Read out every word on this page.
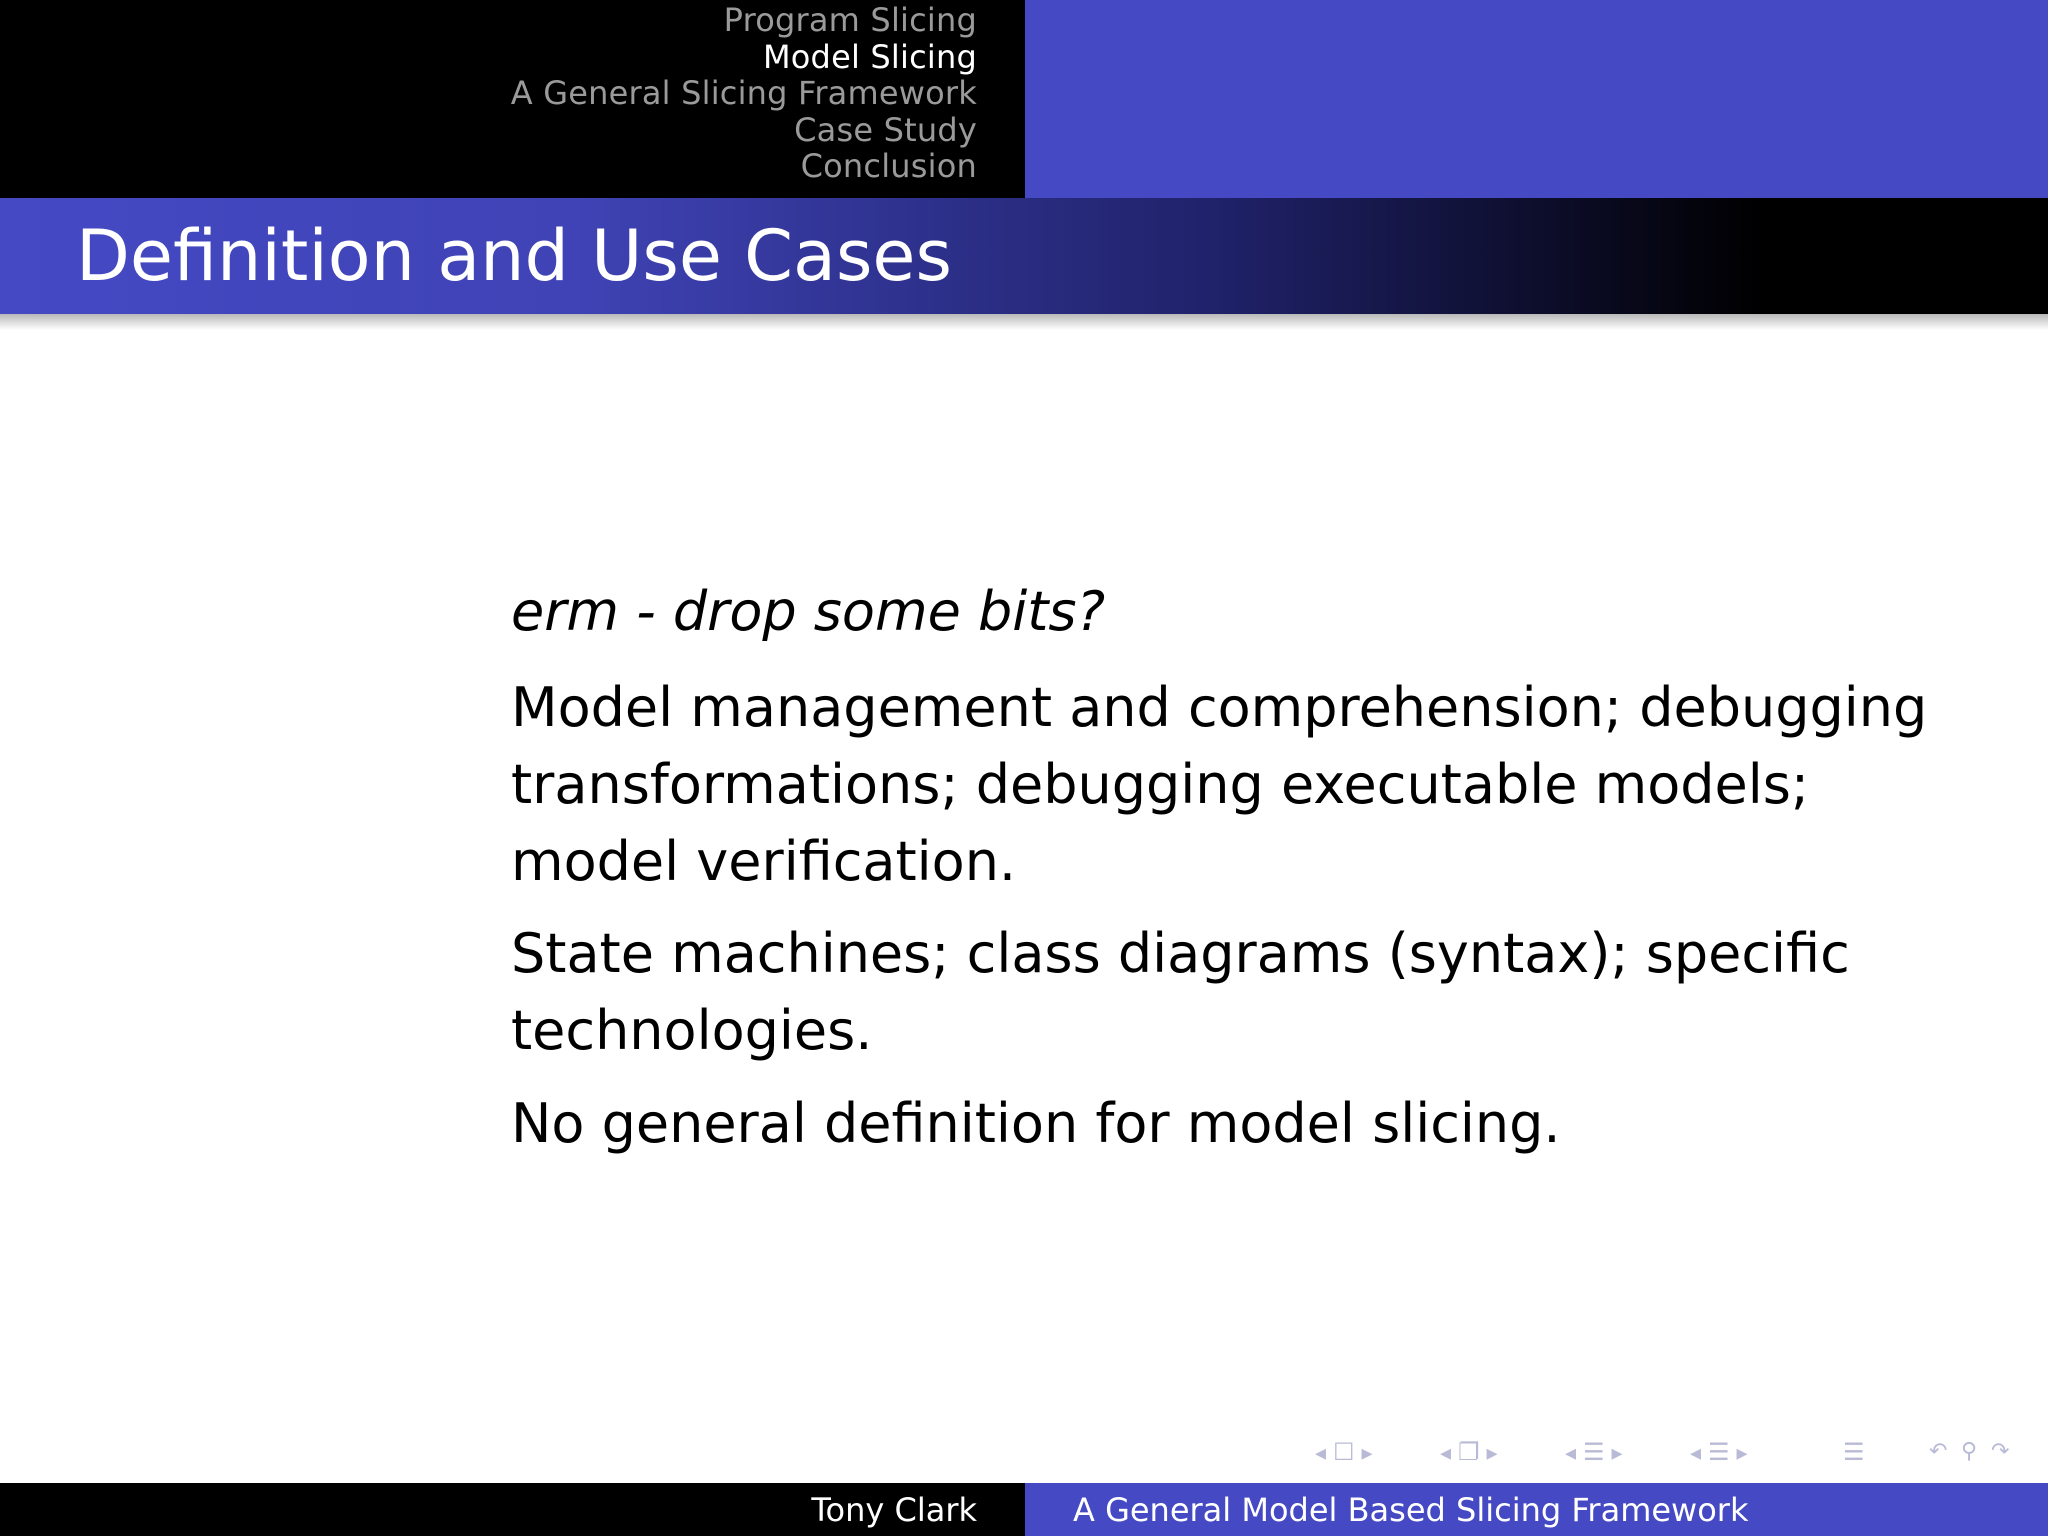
Program Slicing
Model Slicing
A General Slicing Framework
Case Study
Conclusion
Definition and Use Cases
erm - drop some bits?
Model management and comprehension; debugging transformations; debugging executable models; model verification.
State machines; class diagrams (syntax); specific technologies.
No general definition for model slicing.
◂ ☐ ▸	◂ ❐ ▸	◂ ☰ ▸	◂ ☰ ▸	☰	↶ ⚲ ↷
Tony Clark	A General Model Based Slicing Framework
